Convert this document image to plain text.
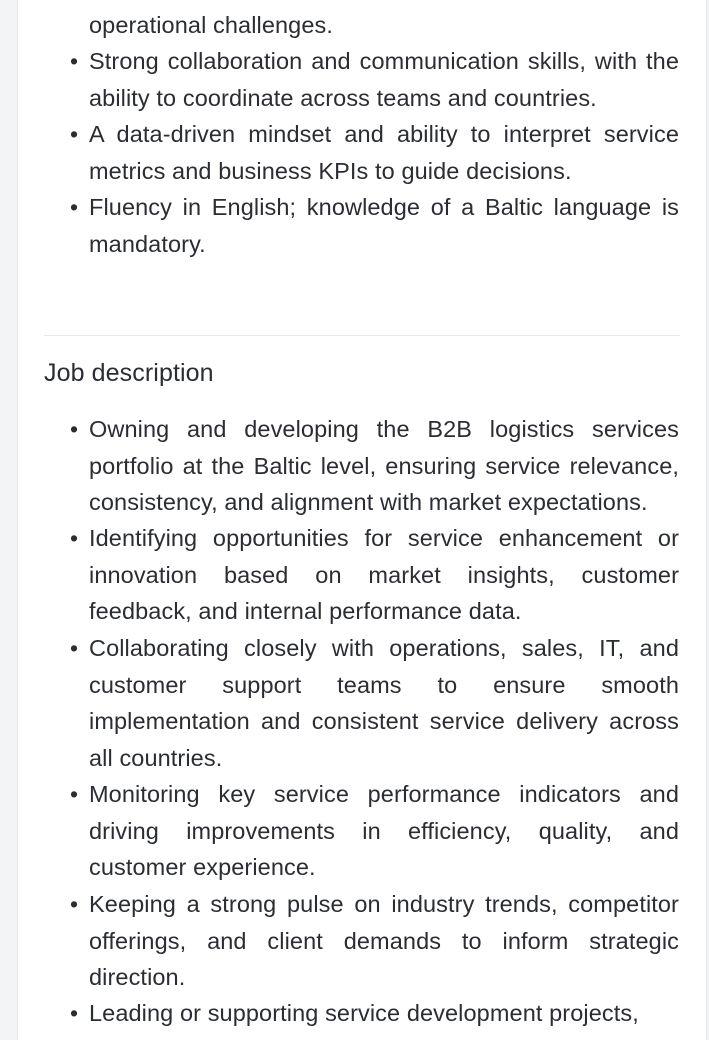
operational challenges.
• Strong collaboration and communication skills, with the ability to coordinate across teams and countries.
• A data-driven mindset and ability to interpret service metrics and business KPIs to guide decisions.
• Fluency in English; knowledge of a Baltic language is mandatory.
Job description
• Owning and developing the B2B logistics services portfolio at the Baltic level, ensuring service relevance, consistency, and alignment with market expectations.
• Identifying opportunities for service enhancement or innovation based on market insights, customer feedback, and internal performance data.
• Collaborating closely with operations, sales, IT, and customer support teams to ensure smooth implementation and consistent service delivery across all countries.
• Monitoring key service performance indicators and driving improvements in efficiency, quality, and customer experience.
• Keeping a strong pulse on industry trends, competitor offerings, and client demands to inform strategic direction.
• Leading or supporting service development projects,
